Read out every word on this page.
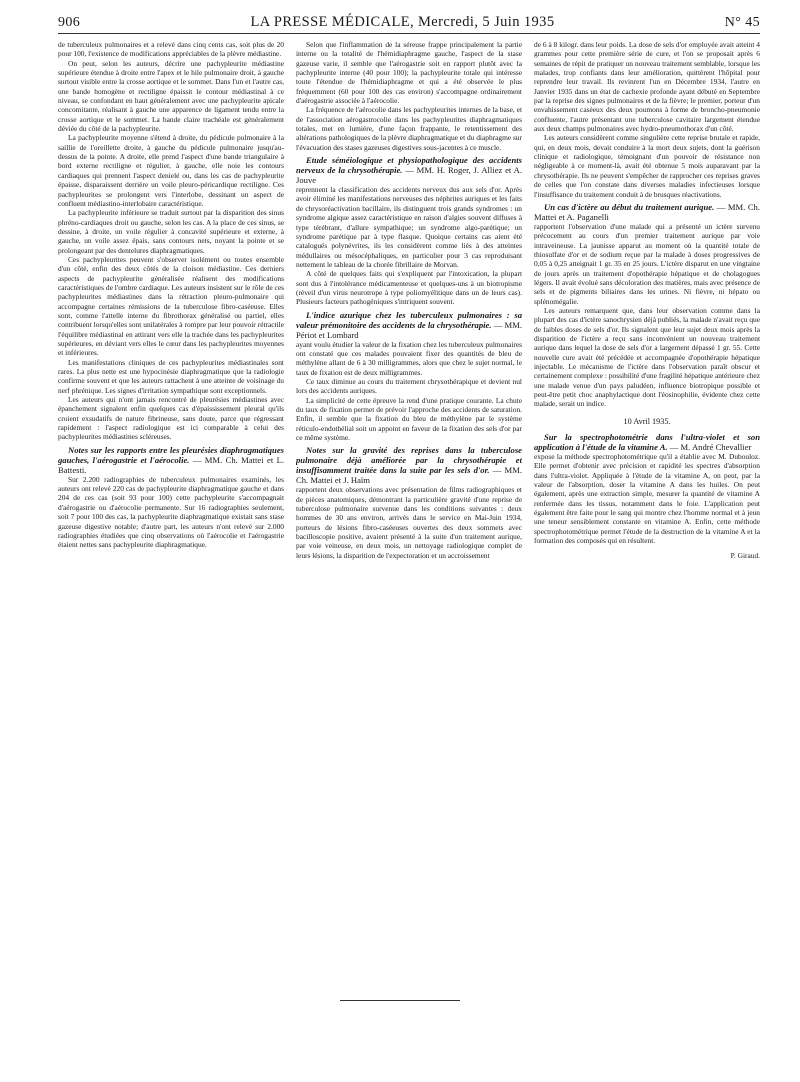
906	LA PRESSE MÉDICALE, Mercredi, 5 Juin 1935	N° 45

de tuberculeux pulmonaires et a relevé dans cinq cents cas, soit plus de 20 pour 100, l'existence de modifications appréciables de la plèvre médiastine.

On peut, selon les auteurs, décrire une pachypleurite médiastine supérieure étendue à droite entre l'apex et le hile pulmonaire droit, à gauche surtout visible entre la crosse aortique et le sommet. Dans l'un et l'autre cas, une bande homogène et rectiligne épaissit le contour médiastinal à ce niveau, se confondant en haut généralement avec une pachypleurite apicale concomitante, réalisant à gauche une apparence de ligament tendu entre la crosse aortique et le sommet. La bande claire trachéale est généralement déviée du côté de la pachypleurite.

La pachypleurite moyenne s'étend à droite, du pédicule pulmonaire à la saillie de l'oreillette droite, à gauche du pédicule pulmonaire jusqu'au-dessus de la pointe. A droite, elle prend l'aspect d'une bande triangulaire à bord externe rectiligne et régulier, à gauche, elle noie les contours cardiaques qui prennent l'aspect denielé ou, dans les cas de pachypleurite épaisse, disparaissent derrière un voile pleuro-péricardique rectiligne. Ces pachypleurites se prolongent vers l'interlobe, dessinant un aspect de confluent médiastino-interlobaire caractéristique.

La pachypleurite inférieure se traduit surtout par la disparition des sinus phréno-cardiaques droit ou gauche, selon les cas. A la place de ces sinus, se dessine, à droite, un voile régulier à concavité supérieure et externe, à gauche, un voile assez épais, sans contours nets, noyant la pointe et se prolongeant par des dentelures diaphragmatiques.

Ces pachypleurites peuvent s'observer isolément ou toutes ensemble d'un côté, enfin des deux côtés de la cloison médiastine. Ces derniers aspects de pachypleurite généralisée réalisent des modifications caractéristiques de l'ombre cardiaque. Les auteurs insistent sur le rôle de ces pachypleurites médiastines dans la rétraction pleuro-pulmonaire qui accompagne certaines rémissions de la tuberculose fibro-caséeuse. Elles sont, comme l'attelle interne du fibrothorax généralisé ou partiel, elles contribuent lorsqu'elles sont unilatérales à rompre par leur pouvoir rétractile l'équilibre médiastinal en attirant vers elle la trachée dans les pachypleurites supérieures, en déviant vers elles le cœur dans les pachypleurites moyennes et inférieures.

Les manifestations cliniques de ces pachypleurites médiastinales sont rares. La plus nette est une hypocinésie diaphragmatique que la radiologie confirme souvent et que les auteurs rattachent à une atteinte de voisinage du nerf phrénique. Les signes d'irritation sympathique sont exceptionnels.

Les auteurs qui n'ont jamais rencontré de pleurésies médiastines avec épanchement signalent enfin quelques cas d'épaississement pleural qu'ils croient exsudatifs de nature fibrineuse, sans doute, parce que régressant rapidement : l'aspect radiologique est ici comparable à celui des pachypleurites médiastines scléreuses.

Notes sur les rapports entre les pleurésies diaphragmatiques gauches, l'aérogastrie et l'aérocolie. — MM. Ch. Mattei et L. Battesti.

Sur 2.200 radiographies de tuberculeux pulmonaires examinés, les auteurs ont relevé 220 cas de pachypleurite diaphragmatique gauche et dans 204 de ces cas (soit 93 pour 100) cette pachypleurite s'accompagnait d'aérogastrie ou d'aérocolie permanente. Sur 16 radiographies seulement, soit 7 pour 100 des cas, la pachypleurite diaphragmatique existait sans stase gazeuse digestive notable; d'autre part, les auteurs n'ont relevé sur 2.000 radiographies étudiées que cinq observations où l'aérocolie et l'aérogastrie étaient nettes sans pachypleurite diaphragmatique.

Selon que l'inflammation de la séreuse frappe principalement la partie interne ou la totalité de l'hémidiaphragme gauche, l'aspect de la stase gazeuse varie, il semble que l'aérogastrie soit en rapport plutôt avec la pachypleurite interne (40 pour 100); la pachypleurite totale qui intéresse toute l'étendue de l'hémidiaphragme et qui a été observée le plus fréquemment (60 pour 100 des cas environ) s'accompagne ordinairement d'aérogastrie associée à l'aérocolie.

La fréquence de l'aérocolie dans les pachypleurites internes de la base, et de l'association aérogastrocolie dans les pachypleurites diaphragmatiques totales, met en lumière, d'une façon frappante, le retentissement des altérations pathologiques de la plèvre diaphragmatique et du diaphragme sur l'évacuation des stases gazeuses digestives sous-jacentes à ce muscle.

Etude séméiologique et physiopathologique des accidents nerveux de la chrysothérapie. — MM. H. Roger, J. Alliez et A. Jouve

reprennent la classification des accidents nerveux dus aux sels d'or. Après avoir éliminé les manifestations nerveuses des néphrites auriques et les faits de chrysoréactivation bacillaire, ils distinguent trois grands syndromes : un syndrome algique assez caractéristique en raison d'algies souvent diffuses à type térébrant, d'allure sympathique; un syndrome algo-parétique; un syndrome parétique par à type flasque. Quoique certains cas aient été catalogués polynévrites, ils les considèrent comme liés à des atteintes médullaires ou mésocéphaliques, en particulier pour 3 cas reproduisant nettement le tableau de la chorée fibrillaire de Morvan.

A côté de quelques faits qui s'expliquent par l'intoxication, la plupart sont dus à l'intolérance médicamenteuse et quelques-uns à un biotropisme (réveil d'un virus neurotrope à type poliomyélitique dans un de leurs cas). Plusieurs facteurs pathogéniques s'intriquent souvent.

L'indice azurique chez les tuberculeux pulmonaires : sa valeur prémonitoire des accidents de la chrysothérapie. — MM. Périot et Lombard

ayant voulu étudier la valeur de la fixation chez les tuberculeux pulmonaires ont constaté que ces malades pouvaient fixer des quantités de bleu de méthylène allant de 6 à 30 milligrammes, alors que chez le sujet normal, le taux de fixation est de deux milligrammes.

Ce taux diminue au cours du traitement chrysothérapique et devient nul lors des accidents auriques.

La simplicité de cette épreuve la rend d'une pratique courante. La chute du taux de fixation permet de prévoir l'approche des accidents de saturation. Enfin, il semble que la fixation du bleu de méthylène par le système réticulo-endothélial soit un appoint en faveur de la fixation des sels d'or par ce même système.

Notes sur la gravité des reprises dans la tuberculose pulmonaire déjà améliorée par la chrysothérapie et insuffisamment traitée dans la suite par les sels d'or. — MM. Ch. Mattei et J. Haïm

rapportent deux observations avec présentation de films radiographiques et de pièces anatomiques, démontrant la particulière gravité d'une reprise de tuberculose pulmonaire survenue dans les conditions suivantes : deux hommes de 30 ans environ, arrivés dans le service en Mai-Juin 1934, porteurs de lésions fibro-caséeuses ouvertes des deux sommets avec bacilloscopie positive, avaient présenté à la suite d'un traitement aurique, par voie veineuse, en deux mois, un nettoyage radiologique complet de leurs lésions, la disparition de l'expectoration et un accroissement

de 6 à 8 kilogr. dans leur poids. La dose de sels d'or employée avait atteint 4 grammes pour cette première série de cure, et l'on se proposait après 6 semaines de répit de pratiquer un nouveau traitement semblable, lorsque les malades, trop confiants dans leur amélioration, quittèrent l'hôpital pour reprendre leur travail. Ils revinrent l'un en Décembre 1934, l'autre en Janvier 1935 dans un état de cachexie profonde ayant débuté en Septembre par la reprise des signes pulmonaires et de la fièvre; le premier, porteur d'un envahissement caséeux des deux poumons à forme de broncho-pneumonie confluente, l'autre présentant une tuberculose cavitaire largement étendue aux deux champs pulmonaires avec hydro-pneumothorax d'un côté.

Les auteurs considèrent comme singulière cette reprise brutale et rapide, qui, en deux mois, devait conduire à la mort deux sujets, dont la guérison clinique et radiologique, témoignant d'un pouvoir de résistance non négligeable à ce moment-là, avait été obtenue 5 mois auparavant par la chrysothérapie. Ils ne peuvent s'empêcher de rapprocher ces reprises graves de celles que l'on constate dans diverses maladies infectieuses lorsque l'insuffisance du traitement conduit à de brusques réactivations.

Un cas d'ictère au début du traitement aurique. — MM. Ch. Mattei et A. Paganelli

rapportent l'observation d'une malade qui a présenté un ictère survenu précocement au cours d'un premier traitement aurique par voie intraveineuse. La jaunisse apparut au moment où la quantité totale de thiosulfate d'or et de sodium reçue par la malade à doses progressives de 0,05 à 0,25 atteignait 1 gr. 35 en 25 jours. L'ictère disparut en une vingtaine de jours après un traitement d'opothérapie hépatique et de cholagogues légers. Il avait évolué sans décoloration des matières, mais avec présence de sels et de pigments biliaires dans les urines. Ni fièvre, ni hépato ou splénomégalie.

Les auteurs remarquent que, dans leur observation comme dans la plupart des cas d'ictère sanochrysien déjà publiés, la malade n'avait reçu que de faibles doses de sels d'or. Ils signalent que leur sujet deux mois après la disparition de l'ictère a reçu sans inconvénient un nouveau traitement aurique dans lequel la dose de sels d'or a largement dépassé 1 gr. 55. Cette nouvelle cure avait été précédée et accompagnée d'opothérapie hépatique injectable. Le mécanisme de l'ictère dans l'observation paraît obscur et certainement complexe : possibilité d'une fragilité hépatique antérieure chez une malade venue d'un pays paludéen, influence biotropique possible et peut-être petit choc anaphylactique dont l'éosinophilie, évidente chez cette malade, serait un indice.

10 Avril 1935.

Sur la spectrophotométrie dans l'ultra-violet et son application à l'étude de la vitamine A. — M. André Chevallier

expose la méthode spectrophotométrique qu'il a établie avec M. Dubouloz. Elle permet d'obtenir avec précision et rapidité les spectres d'absorption dans l'ultra-violet. Appliquée à l'étude de la vitamine A, on peut, par la valeur de l'absorption, doser la vitamine A dans les huiles. On peut également, après une extraction simple, mesurer la quantité de vitamine A renfermée dans les tissus, notamment dans le foie. L'application peut également être faite pour le sang qui montre chez l'homme normal et à jeun une teneur sensiblement constante en vitamine A. Enfin, cette méthode spectrophotométrique permet l'étude de la destruction de la vitamine A et la formation des composés qui en résultent.

P. Giraud.
